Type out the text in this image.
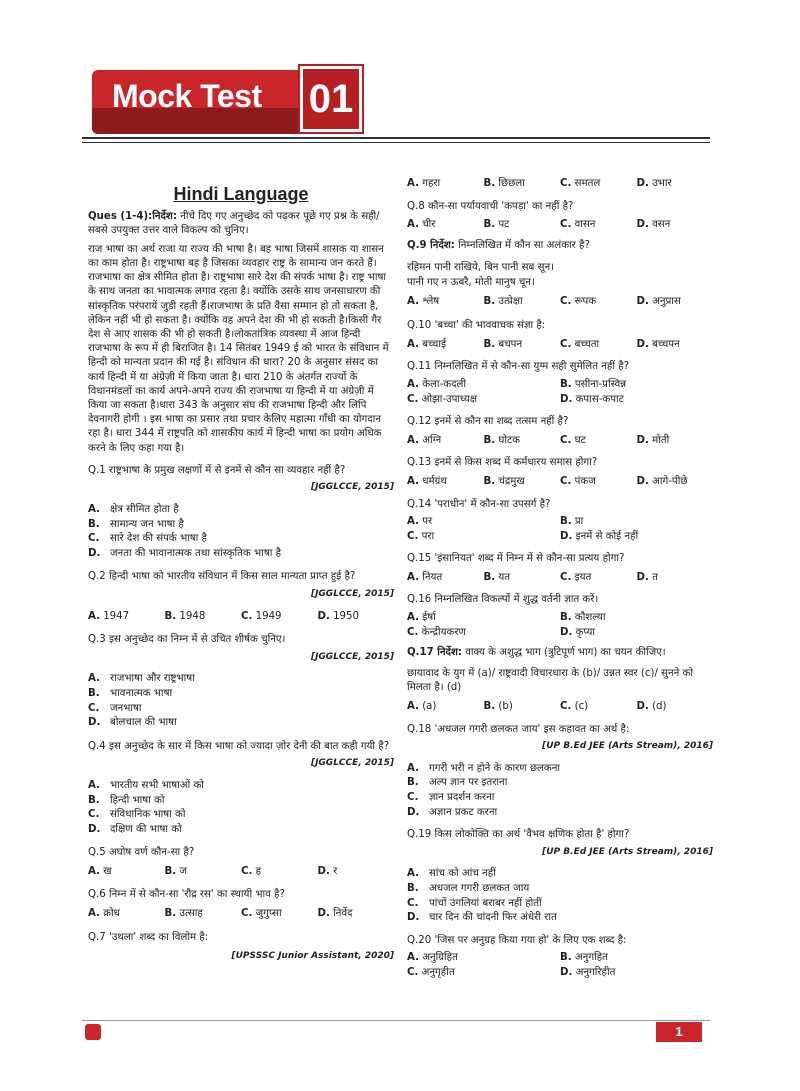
Mock Test 01
Hindi Language
Ques (1-4):निर्देश: नीचे दिए गए अनुच्छेद को पढ़कर पूछे गए प्रश्न के सही/सबसे उपयुक्त उत्तर वाले विकल्प को चुनिए।
राज भाषा का अर्थ राजा या राज्य की भाषा है। बह भाषा जिसमें शासक या शासन का काम होता है। राष्ट्रभाषा बह है जिसका व्यवहार राष्ट्र के सामान्य जन करते हैं। राजभाषा का क्षेत्र सीमित होता है। राष्ट्रभाषा सारे देश की संपर्क भाषा है। राष्ट्र भाषा के साथ जनता का भावात्मक लगाव रहता है। क्योंकि उसके साथ जनसाधारण की सांस्कृतिक परंपरायें जुडी रहती हैं।राजभाषा के प्रति वैसा सम्मान हो तो सकता है, लेकिन नहीं भी हो सकता है। क्योंकि वह अपने देश की भी हो सकती है।किसी गैर देश से आए शासक की भी हो सकती है।लोकतांत्रिक व्यवस्था में आज हिन्दी राजभाषा के रूप में ही बिराजित है। 14 सितंबर 1949 ई को भारत के संविधान में हिन्दी को मान्यता प्रदान की गई है। संविधान की धारा? 20 के अनुसार संसद का कार्य हिन्दी में या अंग्रेज़ी में किया जाता है। धारा 210 के अंतर्गत राज्यों के विधानमंडलों का कार्य अपने-अपने राज्य की राजभाषा या हिन्दी में या अंग्रेज़ी में किया जा सकता है।धारा 343 के अनुसार संघ की राजभाषा हिन्दी और लिपि देवनागरी होगी । इस भाषा का प्रसार तथा प्रचार केलिए महात्मा गाँधी का योगदान रहा है। धारा 344 में राष्ट्रपति को शासकीय कार्य में हिन्दी भाषा का प्रयोग अधिक करने के लिए कहा गया है।
Q.1 राष्ट्रभाषा के प्रमुख लक्षणों में से इनमें से कौन सा व्यवहार नहीं है?
[JGGLCCE, 2015]
A. क्षेत्र सीमित होता है
B.	सामान्य जन भाषा है
C.	सारे देश की संपर्क भाषा है
D. जनता की भावानात्मक तथा सांस्कृतिक भाषा है
Q.2 हिन्दी भाषा को भारतीय संविधान में किस साल मान्यता प्राप्त हुई है?
[JGGLCCE, 2015]
A. 1947	B. 1948	C. 1949	D. 1950
Q.3 इस अनुच्छेद का निम्न में से उचित शीर्षक चुनिए।
[JGGLCCE, 2015]
A. राजभाषा और राष्ट्रभाषा
B.	भावनात्मक भाषा
C.	जनभाषा
D. बोलचाल की भाषा
Q.4 इस अनुच्छेद के सार में किस भाषा को ज्यादा ज़ोर देनी की बात कही गयी है?
[JGGLCCE, 2015]
A. भारतीय सभी भाषाओं को
B.	हिन्दी भाषा को
C.	संविधानिक भाषा को
D. दक्षिण की भाषा को
Q.5 अघोष वर्ण कौन-सा है?
A. ख	B. ज	C. ह	D. र
Q.6 निम्न में से कौन-सा 'रौद्र रस' का स्थायी भाव है?
A. क्रोध	B. उत्साह	C. जुगुप्सा	D. निर्वेद
Q.7 'उथला' शब्द का विलोम है:
[UPSSSC Junior Assistant, 2020]
A. गहरा	B. छिछला	C. समतल	D. उभार
Q.8 कौन-सा पर्यायवाची 'कपड़ा' का नहीं है?
A. चीर	B. पट	C. वासन	D. वसन
Q.9 निर्देश: निम्नलिखित में कौन सा अलंकार है?
रहिमन पानी राखिये, बिन पानी सब सून।
पानी गए न ऊबरै, मोती मानुष चून।
A. श्लेष	B. उत्प्रेक्षा	C. रूपक	D. अनुप्रास
Q.10 'बच्चा' की भाववाचक संज्ञा है:
A. बच्चाई	B. बचपन	C. बच्चता	D. बच्चपन
Q.11 निम्नलिखित में से कौन-सा युग्म सही सुमेलित नहीं है?
A. केला-कदली	B. पसीना-प्रस्विन्न
C. ओझा-उपाध्यक्ष	D. कपास-कपाट
Q.12 इनमें से कौन सा शब्द तत्सम नहीं है?
A. अग्नि	B. घोटक	C. घट	D. मोती
Q.13 इनमें से किस शब्द में कर्मधारय समास होगा?
A. धर्मग्रंथ	B. चंद्रमुख	C. पंकज	D. आगे-पीछे
Q.14 'पराधीन' में कौन-सा उपसर्ग है?
A. पर	B. प्रा
C. परा	D. इनमें से कोई नहीं
Q.15 'इंसानियत' शब्द में निम्न में से कौन-सा प्रत्यय होगा?
A. नियत	B. यत	C. इयत	D. त
Q.16 निम्नलिखित विकल्पों में शुद्ध वर्तनी ज्ञात करें।
A. ईर्षा	B. कौशल्या
C. केन्द्रीयकरण	D. कृप्या
Q.17 निर्देश: वाक्य के अशुद्ध भाग (त्रुटिपूर्ण भाग) का चयन कीजिए।
छायावाद के युग में (a)/ राष्ट्रवादी विचारधारा के (b)/ उन्नत स्वर (c)/ सुनने को मिलता है। (d)
A. (a)	B. (b)	C. (c)	D. (d)
Q.18 'अधजल गगरी छलकत जाय' इस कहावत का अर्थ है:
[UP B.Ed JEE (Arts Stream), 2016]
A. गगरी भरी न होने के कारण छलकना
B.	अल्प ज्ञान पर इतराना
C.	ज्ञान प्रदर्शन करना
D. अज्ञान प्रकट करना
Q.19 किस लोकोक्ति का अर्थ 'वैभव क्षणिक होता है' होगा?
[UP B.Ed JEE (Arts Stream), 2016]
A. सांच को आंच नहीं
B.	अधजल गगरी छलकत जाय
C.	पांचों उंगलियां बराबर नहीं होतीं
D. चार दिन की चांदनी फिर अंधेरी रात
Q.20 'जिस पर अनुग्रह किया गया हो' के लिए एक शब्द है:
A. अनुग्रिहित	B. अनुगहित
C. अनुगृहीत	D. अनुगरिहीत
1
